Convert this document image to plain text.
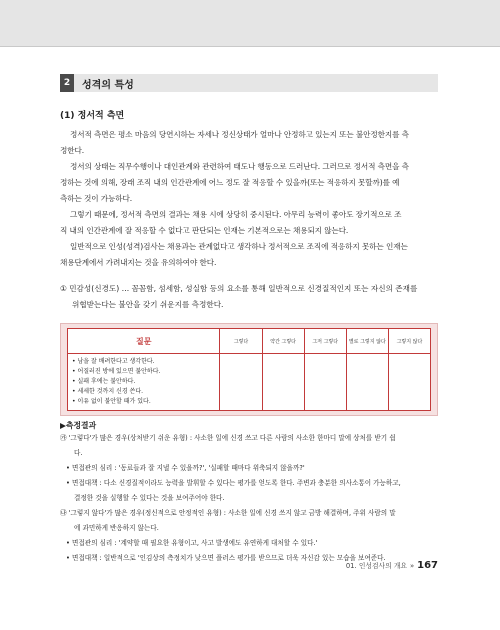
2	성격의 특성
(1) 정서적 측면

정서적 측면은 평소 마음의 당연시하는 자세나 정신상태가 얼마나 안정하고 있는지 또는 불안정한지를 측
정한다.

정서의 상태는 직무수행이나 대인관계와 관련하여 태도나 행동으로 드러난다. 그러므로 정서적 측면을 측
정하는 것에 의해, 장래 조직 내의 인간관계에 어느 정도 잘 적응할 수 있을까(또는 적응하지 못할까)를 예
측하는 것이 가능하다.

그렇기 때문에, 정서적 측면의 결과는 채용 시에 상당히 중시된다. 아무리 능력이 좋아도 장기적으로 조
직 내의 인간관계에 잘 적응할 수 없다고 판단되는 인재는 기본적으로는 채용되지 않는다.

일반적으로 인성(성격)검사는 채용과는 관계없다고 생각하나 정서적으로 조직에 적응하지 못하는 인재는
채용단계에서 가려내지는 것을 유의하여야 한다.

① 민감성(신경도) … 꼼꼼함, 섬세함, 성실함 등의 요소를 통해 일반적으로 신경질적인지 또는 자신의 존재를
위협받는다는 불안을 갖기 쉬운지를 측정한다.
질문	그렇다	약간 그렇다	그저 그렇다	별로 그렇지 않다	그렇지 않다

• 남을 잘 배려한다고 생각한다.
• 어질러진 방에 있으면 불안하다.
• 실패 후에는 불안하다.
• 세세한 것까지 신경 쓴다.
• 이유 없이 불안할 때가 있다.					

▶측정결과
㉮ '그렇다'가 많은 경우(상처받기 쉬운 유형) : 사소한 일에 신경 쓰고 다른 사람의 사소한 한마디 말에 상처를 받기 쉽
다.
• 면접관의 심리 : '동료들과 잘 지낼 수 있을까?', '실패할 때마다 위축되지 않을까?'
• 면접대책 : 다소 신경질적이라도 능력을 발휘할 수 있다는 평가를 얻도록 한다. 주변과 충분한 의사소통이 가능하고,
결정한 것을 실행할 수 있다는 것을 보여주어야 한다.
㉯ '그렇지 않다'가 많은 경우(정신적으로 안정적인 유형) : 사소한 일에 신경 쓰지 않고 금방 해결하며, 주위 사람의 말
에 과민하게 반응하지 않는다.
• 면접관의 심리 : '계약할 때 필요한 유형이고, 사고 발생에도 유연하게 대처할 수 있다.'
• 면접대책 : 일반적으로 '인김상의 측정치가 낮으면 플러스 평가를 받으므로 더욱 자신감 있는 모습을 보여준다.
01. 인성검사의 개요 » 167
